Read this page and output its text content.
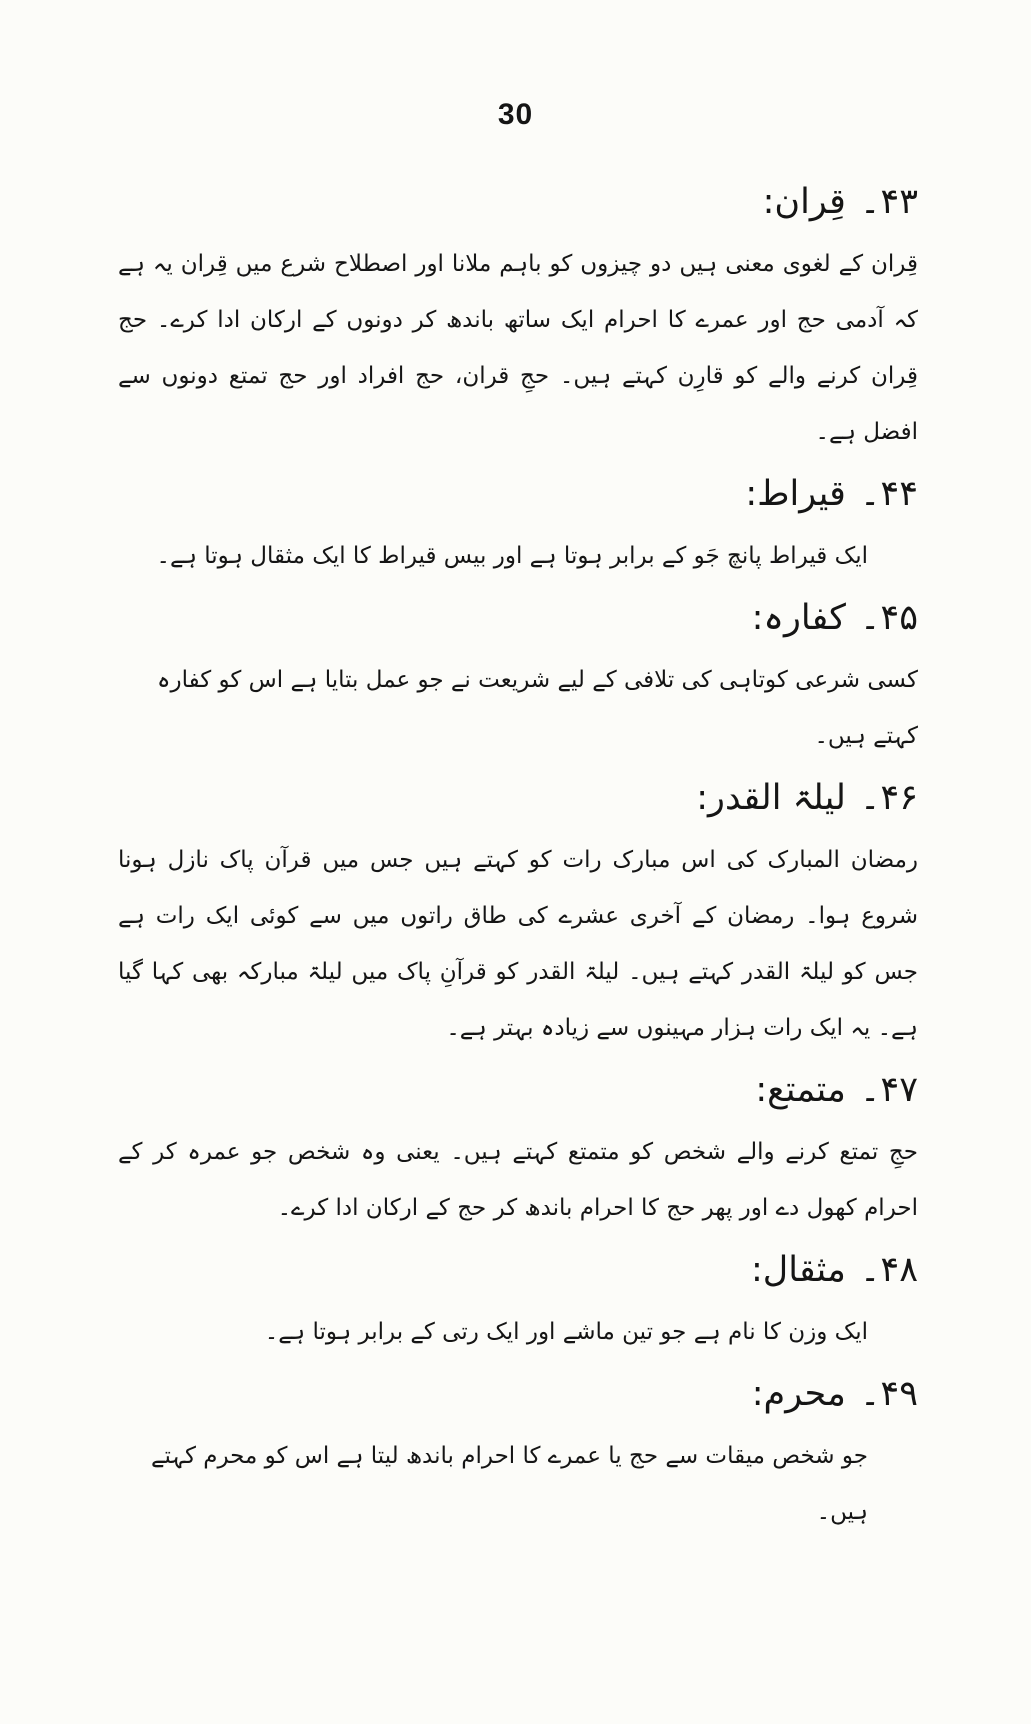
30
۴۳۔قِران:
قِران کے لغوی معنی ہیں دو چیزوں کو باہم ملانا اور اصطلاح شرع میں قِران یہ ہے کہ آدمی حج اور عمرے کا احرام ایک ساتھ باندھ کر دونوں کے ارکان ادا کرے۔ حج قِران کرنے والے کو قارِن کہتے ہیں۔ حجِ قران، حج افراد اور حج تمتع دونوں سے افضل ہے۔
۴۴۔قیراط:
ایک قیراط پانچ جَو کے برابر ہوتا ہے اور بیس قیراط کا ایک مثقال ہوتا ہے۔
۴۵۔کفارہ:
کسی شرعی کوتاہی کی تلافی کے لیے شریعت نے جو عمل بتایا ہے اس کو کفارہ کہتے ہیں۔
۴۶۔لیلۃ القدر:
رمضان المبارک کی اس مبارک رات کو کہتے ہیں جس میں قرآن پاک نازل ہونا شروع ہوا۔ رمضان کے آخری عشرے کی طاق راتوں میں سے کوئی ایک رات ہے جس کو لیلۃ القدر کہتے ہیں۔ لیلۃ القدر کو قرآنِ پاک میں لیلۃ مبارکہ بھی کہا گیا ہے۔ یہ ایک رات ہزار مہینوں سے زیادہ بہتر ہے۔
۴۷۔متمتع:
حجِ تمتع کرنے والے شخص کو متمتع کہتے ہیں۔ یعنی وہ شخص جو عمرہ کر کے احرام کھول دے اور پھر حج کا احرام باندھ کر حج کے ارکان ادا کرے۔
۴۸۔مثقال:
ایک وزن کا نام ہے جو تین ماشے اور ایک رتی کے برابر ہوتا ہے۔
۴۹۔محرم:
جو شخص میقات سے حج یا عمرے کا احرام باندھ لیتا ہے اس کو محرم کہتے ہیں۔
